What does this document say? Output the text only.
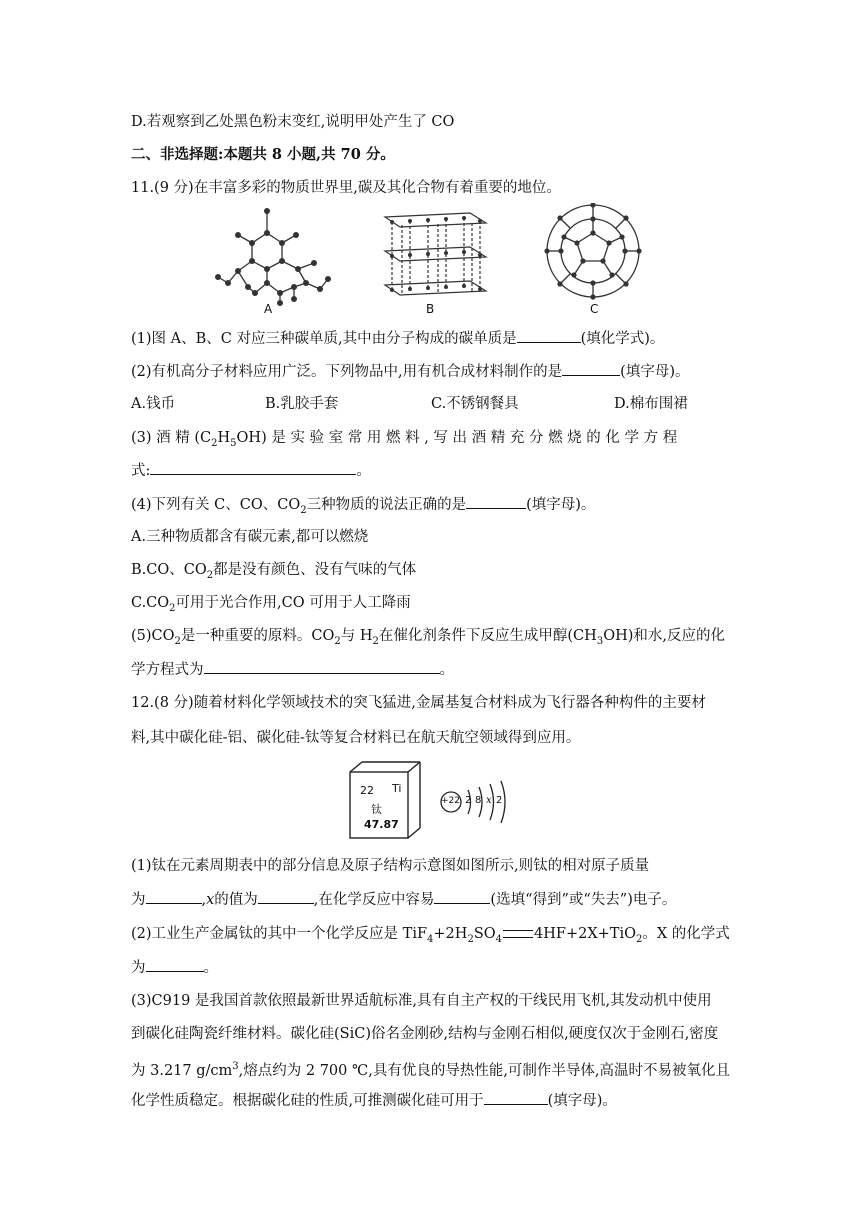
D.若观察到乙处黑色粉末变红,说明甲处产生了 CO
二、非选择题:本题共 8 小题,共 70 分。
11.(9 分)在丰富多彩的物质世界里,碳及其化合物有着重要的地位。
A	B	C
(1)图 A、B、C 对应三种碳单质,其中由分子构成的碳单质是	(填化学式)。
(2)有机高分子材料应用广泛。下列物品中,用有机合成材料制作的是	(填字母)。
A.钱币	B.乳胶手套	C.不锈钢餐具	D.棉布围裙
(3) 酒 精 $(C_2H_5OH)$ 是 实 验 室 常 用 燃 料 , 写 出 酒 精 充 分 燃 烧 的 化 学 方 程
式:	。
(4)下列有关 C、CO、$CO_2$三种物质的说法正确的是	(填字母)。
A.三种物质都含有碳元素,都可以燃烧
B.CO、$CO_2$都是没有颜色、没有气味的气体
$C.CO_2$可用于光合作用,CO 可用于人工降雨
$(5)CO_2$是一种重要的原料。$CO_2$与 $H_2$在催化剂条件下反应生成甲醇$(CH_3OH)$和水,反应的化
学方程式为	。
12.(8 分)随着材料化学领域技术的突飞猛进,金属基复合材料成为飞行器各种构件的主要材
料,其中碳化硅-铝、碳化硅-钛等复合材料已在航天航空领域得到应用。
22 Ti
钛
47.87
+22 2 8 x 2
(1)钛在元素周期表中的部分信息及原子结构示意图如图所示,则钛的相对原子质量
为	,x的值为	,在化学反应中容易	(选填“得到”或“失去”)电子。
(2)工业生产金属钛的其中一个化学反应是 $TiF_4+2H_2SO_4$ 4HF+2X+TiO$_2$。X 的化学式
为	。
(3)C919 是我国首款依照最新世界适航标准,具有自主产权的干线民用飞机,其发动机中使用
到碳化硅陶瓷纤维材料。碳化硅(SiC)俗名金刚砂,结构与金刚石相似,硬度仅次于金刚石,密度
为 3.217 $g/cm^3$,熔点约为 2 700 ℃,具有优良的导热性能,可制作半导体,高温时不易被氧化且
化学性质稳定。根据碳化硅的性质,可推测碳化硅可用于	(填字母)。
